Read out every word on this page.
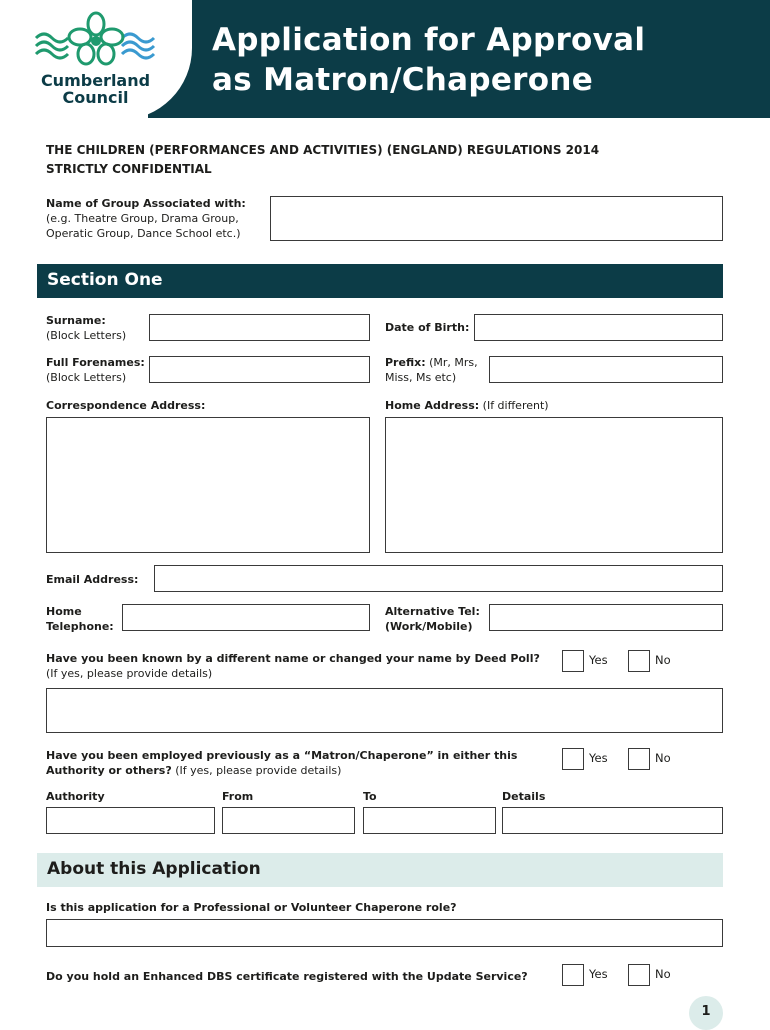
Cumberland
Council
Application for Approval
as Matron/Chaperone
THE CHILDREN (PERFORMANCES AND ACTIVITIES) (ENGLAND) REGULATIONS 2014
STRICTLY CONFIDENTIAL
Name of Group Associated with:
(e.g. Theatre Group, Drama Group,
Operatic Group, Dance School etc.)
Section One
Surname:
(Block Letters)
Date of Birth:
Full Forenames:
(Block Letters)
Prefix: (Mr, Mrs,
Miss, Ms etc)
Correspondence Address:	Home Address: (If different)
Email Address:
Home
Telephone:
Alternative Tel:
(Work/Mobile)
Have you been known by a different name or changed your name by Deed Poll?
(If yes, please provide details)
Yes	No
Have you been employed previously as a “Matron/Chaperone” in either this
Authority or others? (If yes, please provide details)
Yes	No
Authority	From	To	Details
About this Application
Is this application for a Professional or Volunteer Chaperone role?
Do you hold an Enhanced DBS certificate registered with the Update Service?	Yes	No
1
